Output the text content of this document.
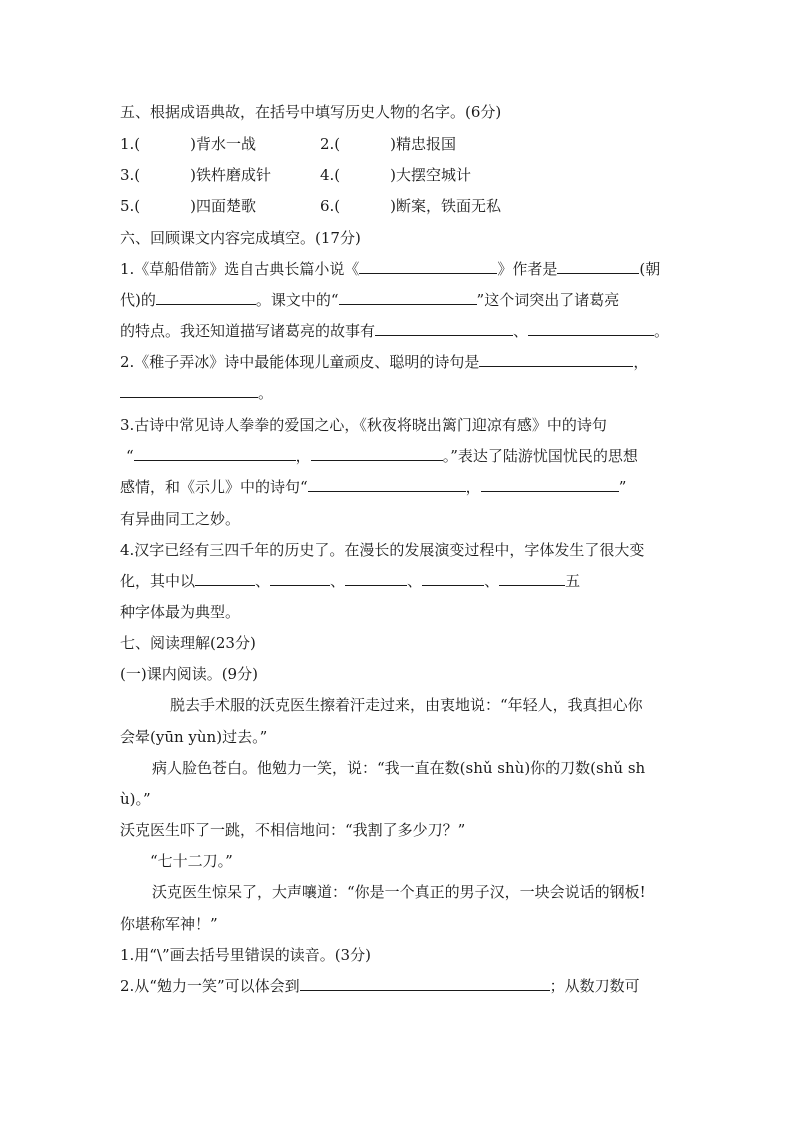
五、根据成语典故，在括号中填写历史人物的名字。(6分)
1.(	)背水一战	2.(	)精忠报国
3.(	)铁杵磨成针	4.(	)大摆空城计
5.(	)四面楚歌	6.(	)断案，铁面无私
六、回顾课文内容完成填空。(17分)
1.《草船借箭》选自古典长篇小说《	》作者是	(朝
代)的	。课文中的“	”这个词突出了诸葛亮
的特点。我还知道描写诸葛亮的故事有	、	。
2.《稚子弄冰》诗中最能体现儿童顽皮、聪明的诗句是	，
。
3.古诗中常见诗人拳拳的爱国之心，《秋夜将晓出篱门迎凉有感》中的诗句
“	，	。”表达了陆游忧国忧民的思想
感情，和《示儿》中的诗句“	，	”
有异曲同工之妙。
4.汉字已经有三四千年的历史了。在漫长的发展演变过程中，字体发生了很大变
化，其中以	、	、	、	、	五
种字体最为典型。
七、阅读理解(23分)
(一)课内阅读。(9分)
脱去手术服的沃克医生擦着汗走过来，由衷地说：“年轻人，我真担心你
会晕(yūn yùn)过去。”
病人脸色苍白。他勉力一笑，说：“我一直在数(shǔ shù)你的刀数(shǔ sh
ù)。”
沃克医生吓了一跳，不相信地问：“我割了多少刀？”
“七十二刀。”
沃克医生惊呆了，大声嚷道：“你是一个真正的男子汉，一块会说话的钢板!
你堪称军神！”
1.用“\”画去括号里错误的读音。(3分)
2.从“勉力一笑”可以体会到	；从数刀数可
